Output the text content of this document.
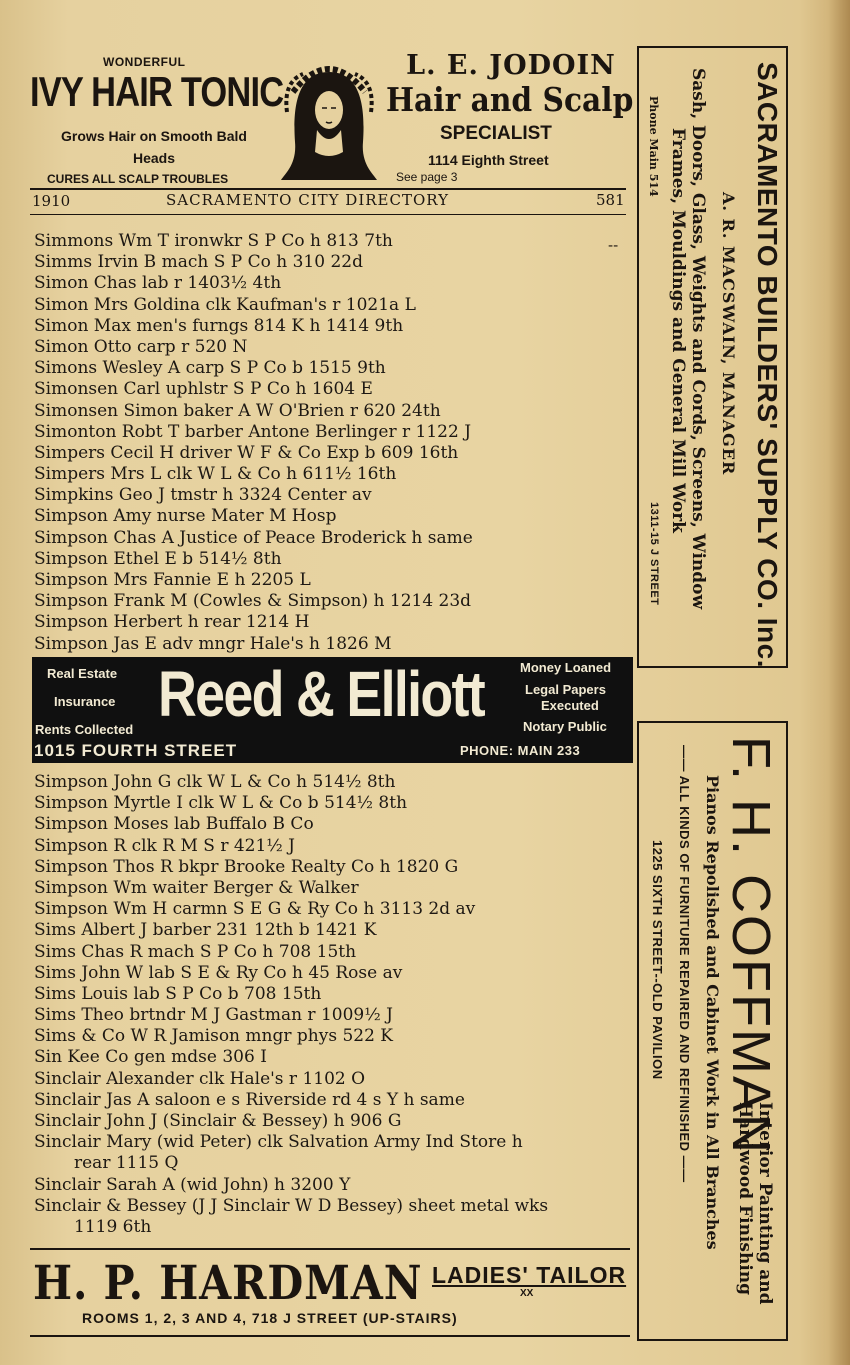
WONDERFUL
IVY HAIR TONIC
Grows Hair on Smooth Bald Heads
CURES ALL SCALP TROUBLES
L. E. JODOIN
Hair and Scalp
SPECIALIST
1114 Eighth Street
See page 3
1910	SACRAMENTO CITY DIRECTORY	581
--
Simmons Wm T ironwkr S P Co h 813 7th
Simms Irvin B mach S P Co h 310 22d
Simon Chas lab r 1403½ 4th
Simon Mrs Goldina clk Kaufman's r 1021a L
Simon Max men's furngs 814 K h 1414 9th
Simon Otto carp r 520 N
Simons Wesley A carp S P Co b 1515 9th
Simonsen Carl uphlstr S P Co h 1604 E
Simonsen Simon baker A W O'Brien r 620 24th
Simonton Robt T barber Antone Berlinger r 1122 J
Simpers Cecil H driver W F & Co Exp b 609 16th
Simpers Mrs L clk W L & Co h 611½ 16th
Simpkins Geo J tmstr h 3324 Center av
Simpson Amy nurse Mater M Hosp
Simpson Chas A Justice of Peace Broderick h same
Simpson Ethel E b 514½ 8th
Simpson Mrs Fannie E h 2205 L
Simpson Frank M (Cowles & Simpson) h 1214 23d
Simpson Herbert h rear 1214 H
Simpson Jas E adv mngr Hale's h 1826 M
Real Estate
Insurance
Rents Collected
1015 FOURTH STREET
Reed & Elliott	Money Loaned
Legal Papers
Executed
Notary Public
PHONE: MAIN 233
Simpson John G clk W L & Co h 514½ 8th
Simpson Myrtle I clk W L & Co b 514½ 8th
Simpson Moses lab Buffalo B Co
Simpson R clk R M S r 421½ J
Simpson Thos R bkpr Brooke Realty Co h 1820 G
Simpson Wm waiter Berger & Walker
Simpson Wm H carmn S E G & Ry Co h 3113 2d av
Sims Albert J barber 231 12th b 1421 K
Sims Chas R mach S P Co h 708 15th
Sims John W lab S E & Ry Co h 45 Rose av
Sims Louis lab S P Co b 708 15th
Sims Theo brtndr M J Gastman r 1009½ J
Sims & Co W R Jamison mngr phys 522 K
Sin Kee Co gen mdse 306 I
Sinclair Alexander clk Hale's r 1102 O
Sinclair Jas A saloon e s Riverside rd 4 s Y h same
Sinclair John J (Sinclair & Bessey) h 906 G
Sinclair Mary (wid Peter) clk Salvation Army Ind Store h
rear 1115 Q
Sinclair Sarah A (wid John) h 3200 Y
Sinclair & Bessey (J J Sinclair W D Bessey) sheet metal wks
1119 6th
H. P. HARDMAN LADIES' TAILOR
XX
ROOMS 1, 2, 3 AND 4, 718 J STREET (UP-STAIRS)
SACRAMENTO BUILDERS' SUPPLY CO. Inc.
A. R. MACSWAIN, MANAGER
Sash, Doors, Glass, Weights and Cords, Screens, Window
Frames, Mouldings and General Mill Work
Phone Main 514
1311-15 J STREET
F. H. COFFMAN
Interior Painting and
Hardwood Finishing
Pianos Repolished and Cabinet Work in All Branches
—— ALL KINDS OF FURNITURE REPAIRED AND REFINISHED ——
1225 SIXTH STREET--OLD PAVILION
